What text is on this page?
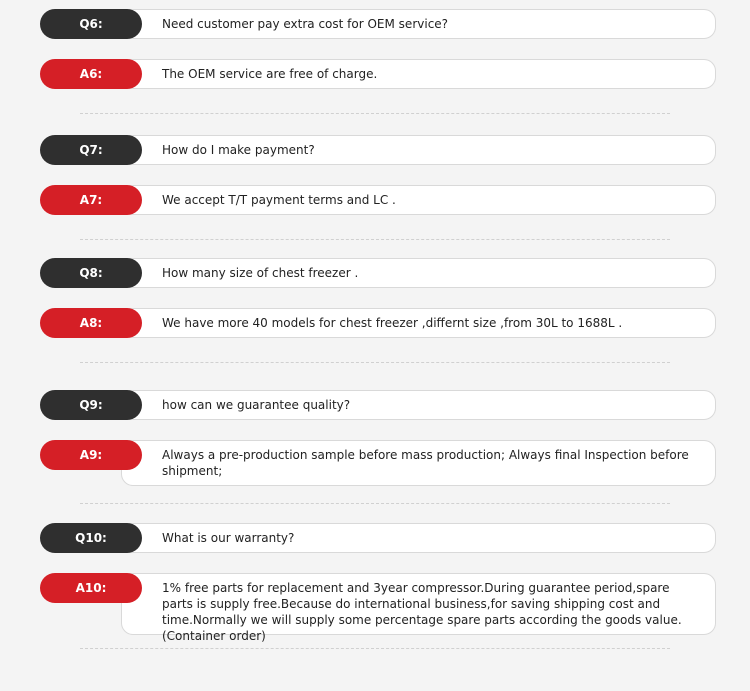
Q6:	Need customer pay extra cost for OEM service?
A6:	The OEM service are free of charge.
Q7:	How do I make payment?
A7:	We accept T/T payment terms and LC .
Q8:	How many size of chest freezer .
A8:	We have more 40 models for chest freezer ,differnt size ,from 30L to 1688L .
Q9:	how can we guarantee quality?
A9:	Always a pre-production sample before mass production; Always final Inspection before shipment;
Q10:	What is our warranty?
A10:	1% free parts for replacement and 3year compressor.During guarantee period,spare parts is supply free.Because do international business,for saving shipping cost and time.Normally we will supply some percentage spare parts according the goods value.(Container order)
